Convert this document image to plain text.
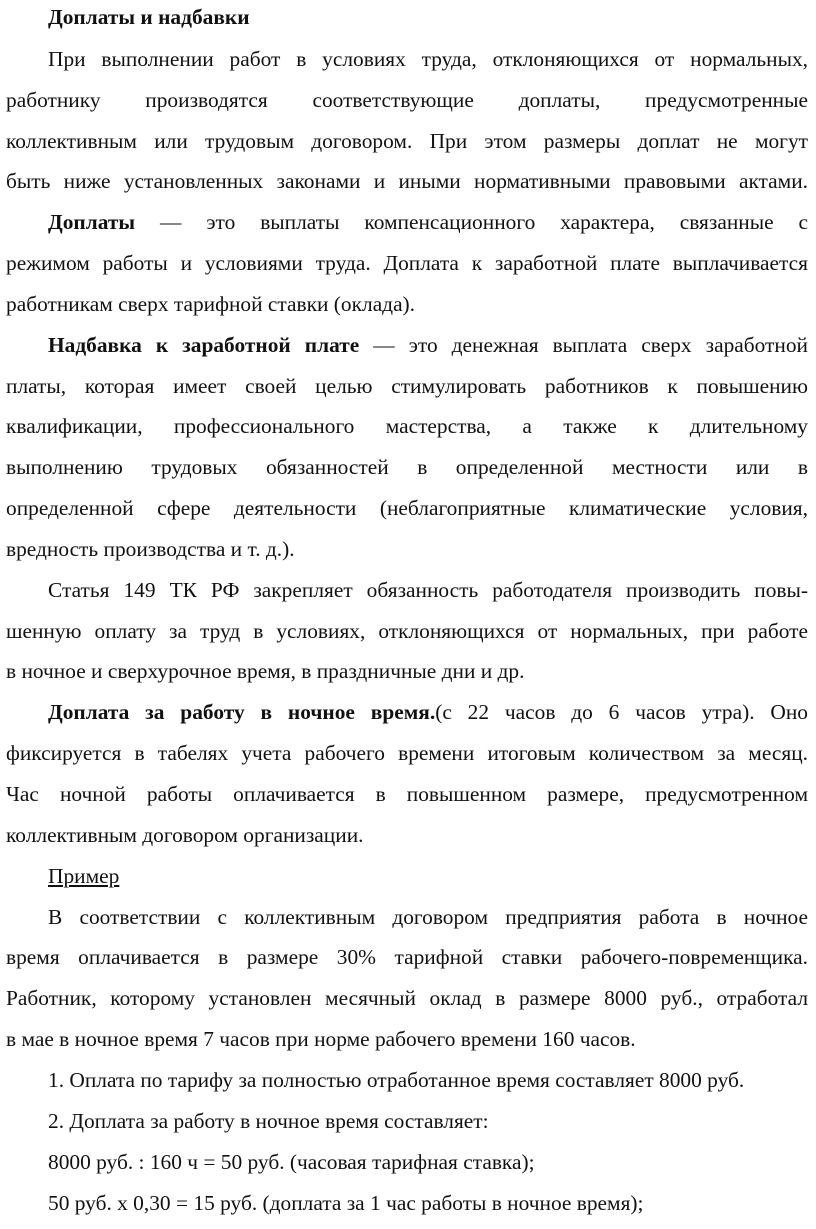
Доплаты и надбавки
При выполнении работ в условиях труда, отклоняющихся от нормальных,
работнику производятся соответствующие доплаты, предусмотренные
коллективным или трудовым договором. При этом размеры доплат не могут
быть ниже установленных законами и иными нормативными правовыми актами.
Доплаты — это выплаты компенсационного характера, связанные с
режимом работы и условиями труда. Доплата к заработной плате выплачивается
работникам сверх тарифной ставки (оклада).
Надбавка к заработной плате — это денежная выплата сверх заработной
платы, которая имеет своей целью стимулировать работников к повышению
квалификации, профессионального мастерства, а также к длительному
выполнению трудовых обязанностей в определенной местности или в
определенной сфере деятельности (неблагоприятные климатические условия,
вредность производства и т. д.).
Статья 149 ТК РФ закрепляет обязанность работодателя производить повы-
шенную оплату за труд в условиях, отклоняющихся от нормальных, при работе
в ночное и сверхурочное время, в праздничные дни и др.
Доплата за работу в ночное время.(с 22 часов до 6 часов утра). Оно
фиксируется в табелях учета рабочего времени итоговым количеством за месяц.
Час ночной работы оплачивается в повышенном размере, предусмотренном
коллективным договором организации.
Пример
В соответствии с коллективным договором предприятия работа в ночное
время оплачивается в размере 30% тарифной ставки рабочего-повременщика.
Работник, которому установлен месячный оклад в размере 8000 руб., отработал
в мае в ночное время 7 часов при норме рабочего времени 160 часов.
1. Оплата по тарифу за полностью отработанное время составляет 8000 руб.
2. Доплата за работу в ночное время составляет:
8000 руб. : 160 ч = 50 руб. (часовая тарифная ставка);
50 руб. х 0,30 = 15 руб. (доплата за 1 час работы в ночное время);
